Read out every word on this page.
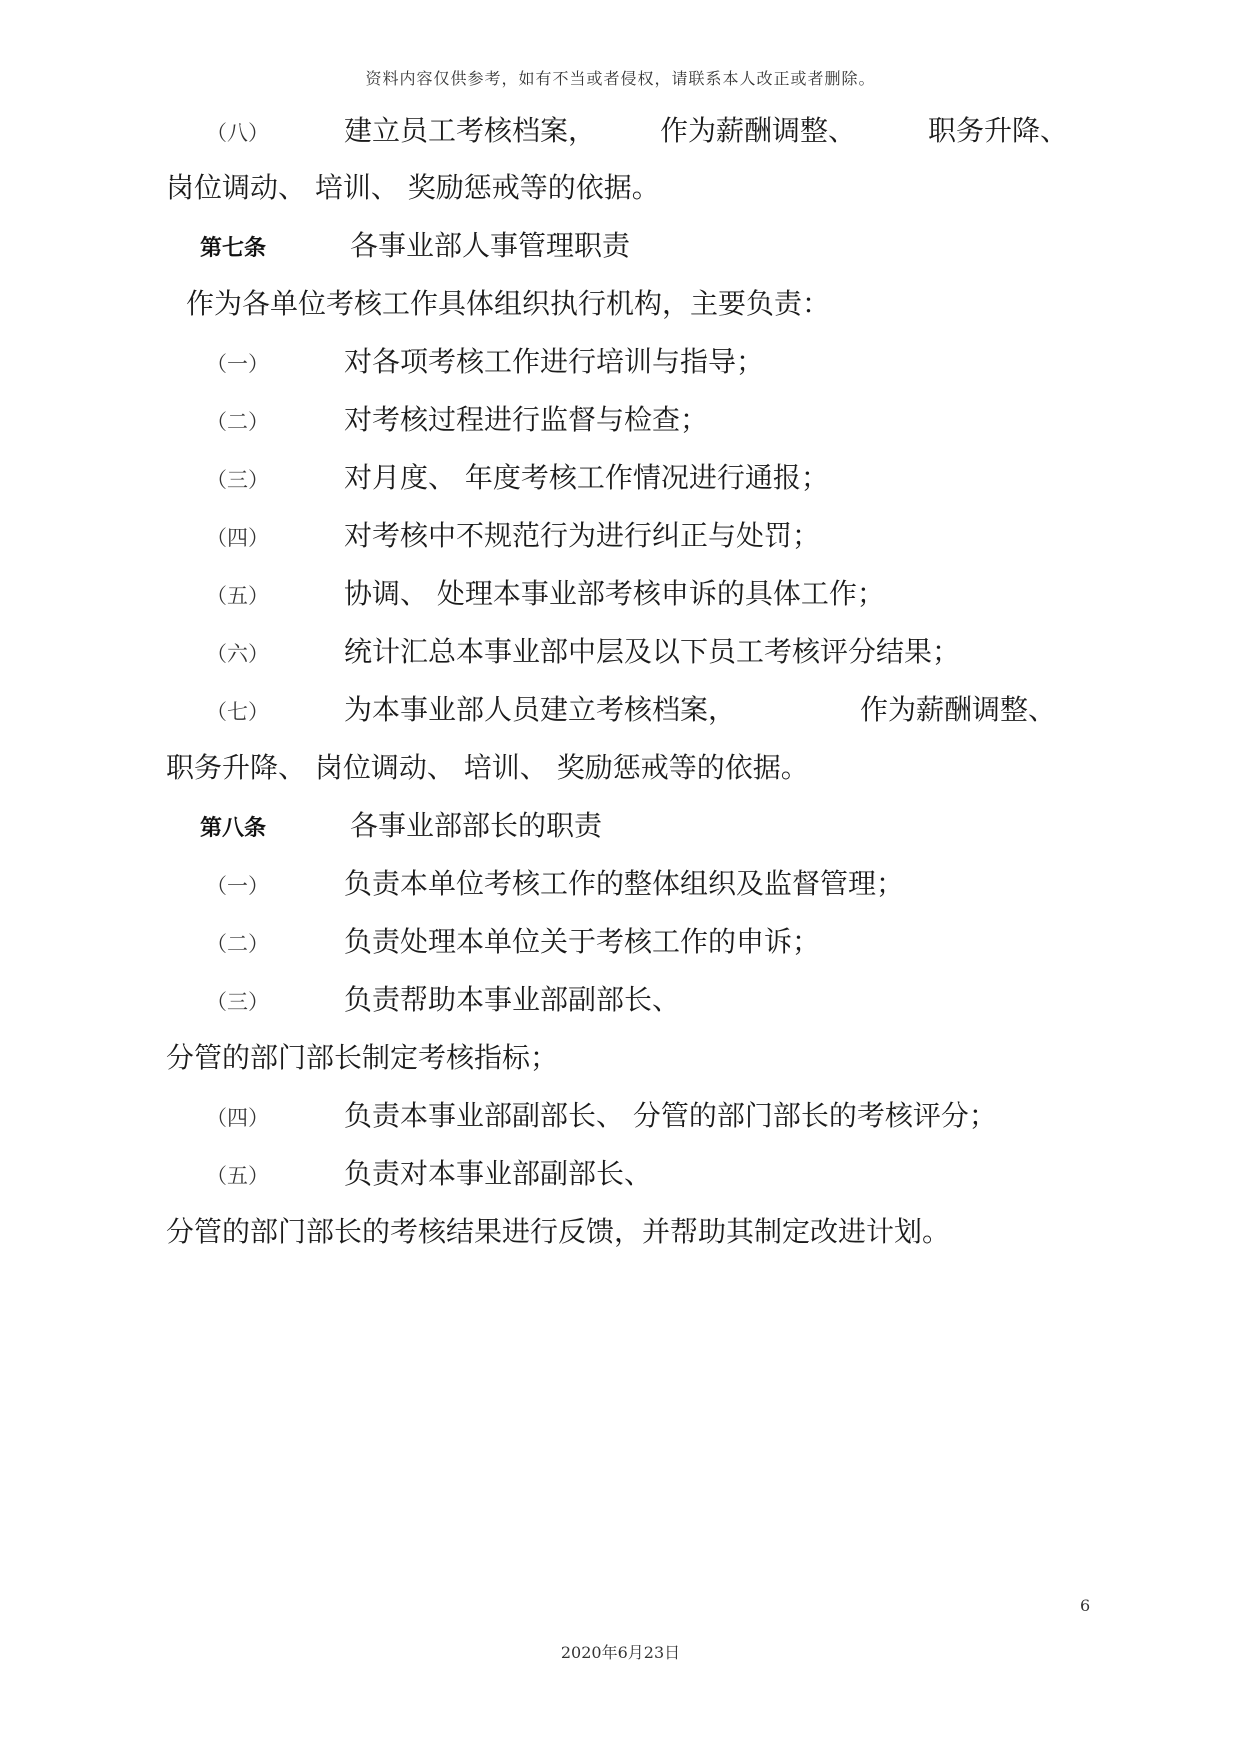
资料内容仅供参考，如有不当或者侵权，请联系本人改正或者删除。
（八）	建立员工考核档案， 作为薪酬调整、	职务升降、
岗位调动、 培训、 奖励惩戒等的依据。
第七条	各事业部人事管理职责
作为各单位考核工作具体组织执行机构，主要负责：
（一）	对各项考核工作进行培训与指导；
（二）	对考核过程进行监督与检查；
（三）	对月度、 年度考核工作情况进行通报；
（四）	对考核中不规范行为进行纠正与处罚；
（五）	协调、 处理本事业部考核申诉的具体工作；
（六）	统计汇总本事业部中层及以下员工考核评分结果；
（七）	为本事业部人员建立考核档案，	作为薪酬调整、
职务升降、 岗位调动、 培训、 奖励惩戒等的依据。
第八条	各事业部部长的职责
（一）	负责本单位考核工作的整体组织及监督管理；
（二）	负责处理本单位关于考核工作的申诉；
（三）	负责帮助本事业部副部长、
分管的部门部长制定考核指标；
（四）	负责本事业部副部长、 分管的部门部长的考核评分；
（五）	负责对本事业部副部长、
分管的部门部长的考核结果进行反馈，并帮助其制定改进计划。
6
2020年6月23日
